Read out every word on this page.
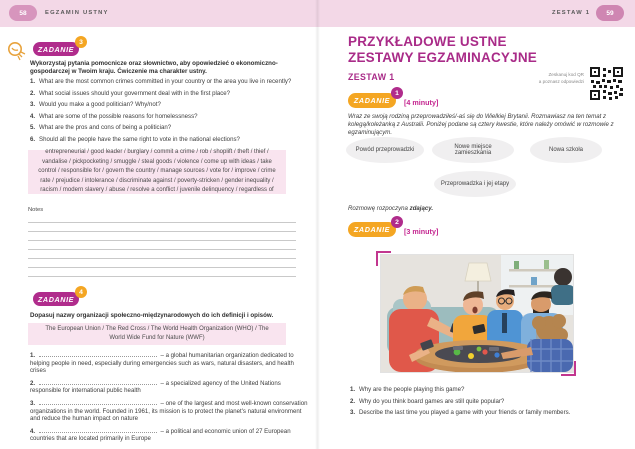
58	EGZAMIN USTNY	ZESTAW 1	59
ZADANIE
3
Wykorzystaj pytania pomocnicze oraz słownictwo, aby opowiedzieć o ekonomiczno-gospodarczej w Twoim kraju. Ćwiczenie ma charakter ustny.
1. What are the most common crimes committed in your country or the area you live in recently?
2. What social issues should your government deal with in the first place?
3. Would you make a good politician? Why/not?
4. What are some of the possible reasons for homelessness?
5. What are the pros and cons of being a politician?
6. Should all the people have the same right to vote in the national elections?
entrepreneurial / good leader / burglary / commit a crime / rob / shoplift / theft / thief / vandalise / pickpocketing / smuggle / steal goods / violence / come up with ideas / take control / responsible for / govern the country / manage sources / vote for / improve / crime rate / prejudice / intolerance / discriminate against / poverty-stricken / gender inequality / racism / modern slavery / abuse / resolve a conflict / juvenile delinquency / regardless of
Notes
ZADANIE
4
Dopasuj nazwy organizacji społeczno-międzynarodowych do ich definicji i opisów.
The European Union / The Red Cross / The World Health Organization (WHO) / The World Wide Fund for Nature (WWF)
1.	– a global humanitarian organization dedicated to helping people in need, especially during emergencies such as wars, natural disasters, and health crises
2.	– a specialized agency of the United Nations responsible for international public health
3.	– one of the largest and most well-known conservation organizations in the world. Founded in 1961, its mission is to protect the planet's natural environment and reduce the human impact on nature
4.	– a political and economic union of 27 European countries that are located primarily in Europe
PRZYKŁADOWE USTNE
ZESTAWY EGZAMINACYJNE
ZESTAW 1	Zeskanuj kod QR
a poznasz odpowiedzi
ZADANIE
1
[4 minuty]
Wraz ze swoją rodziną przeprowadziłeś/-aś się do Wielkiej Brytanii. Rozmawiasz na ten temat z kolegą/koleżanką z Australii. Poniżej podane są cztery kwestie, które należy omówić w rozmowie z egzaminującym.
Powód przeprowadzki	Nowe miejsce zamieszkania	Nowa szkoła
Przeprowadzka i jej etapy
Rozmowę rozpoczyna zdający.
ZADANIE
2
[3 minuty]
1. Why are the people playing this game?
2. Why do you think board games are still quite popular?
3. Describe the last time you played a game with your friends or family members.
